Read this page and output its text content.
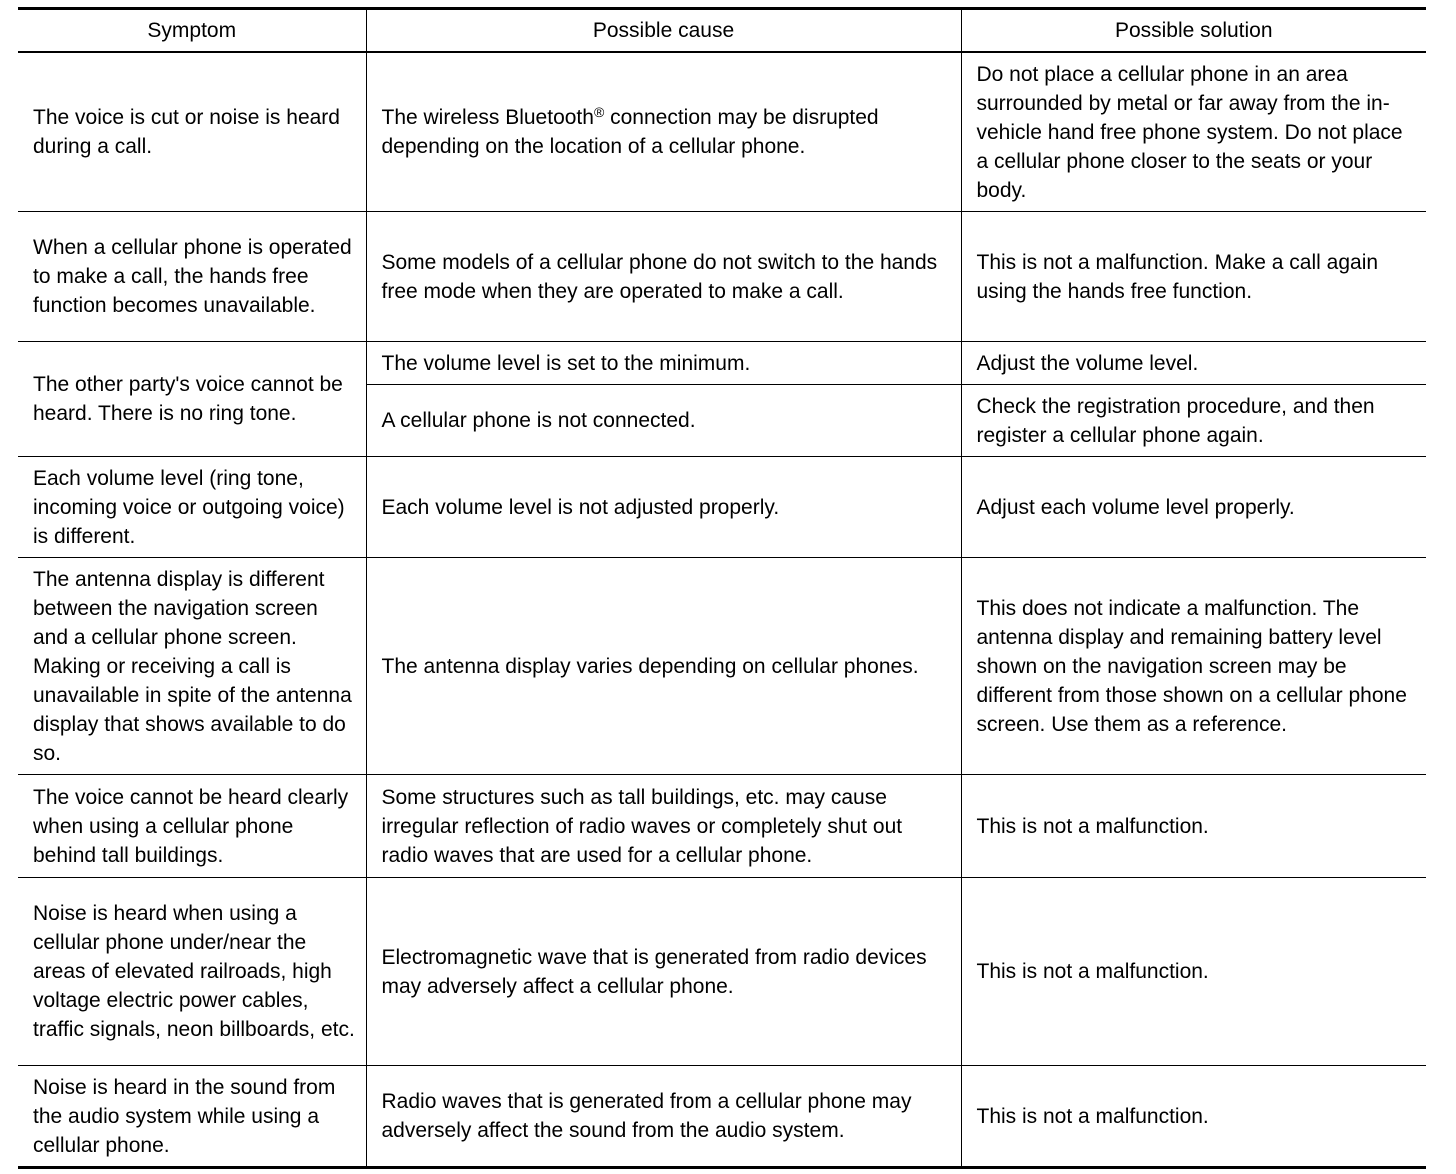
Symptom	Possible cause	Possible solution

The voice is cut or noise is heard during a call.	The wireless Bluetooth® connection may be disrupted depending on the location of a cellular phone.	Do not place a cellular phone in an area surrounded by metal or far away from the in-vehicle hand free phone system. Do not place a cellular phone closer to the seats or your body.

When a cellular phone is operated to make a call, the hands free function becomes unavailable.	Some models of a cellular phone do not switch to the hands free mode when they are operated to make a call.	This is not a malfunction. Make a call again using the hands free function.

The other party's voice cannot be heard. There is no ring tone.	The volume level is set to the minimum.	Adjust the volume level.

	A cellular phone is not connected.	Check the registration procedure, and then register a cellular phone again.

Each volume level (ring tone, incoming voice or outgoing voice) is different.	Each volume level is not adjusted properly.	Adjust each volume level properly.

The antenna display is different between the navigation screen and a cellular phone screen. Making or receiving a call is unavailable in spite of the antenna display that shows available to do so.	The antenna display varies depending on cellular phones.	This does not indicate a malfunction. The antenna display and remaining battery level shown on the navigation screen may be different from those shown on a cellular phone screen. Use them as a reference.

The voice cannot be heard clearly when using a cellular phone behind tall buildings.	Some structures such as tall buildings, etc. may cause irregular reflection of radio waves or completely shut out radio waves that are used for a cellular phone.	This is not a malfunction.

Noise is heard when using a cellular phone under/near the areas of elevated railroads, high voltage electric power cables, traffic signals, neon billboards, etc.	Electromagnetic wave that is generated from radio devices may adversely affect a cellular phone.	This is not a malfunction.

Noise is heard in the sound from the audio system while using a cellular phone.	Radio waves that is generated from a cellular phone may adversely affect the sound from the audio system.	This is not a malfunction.
